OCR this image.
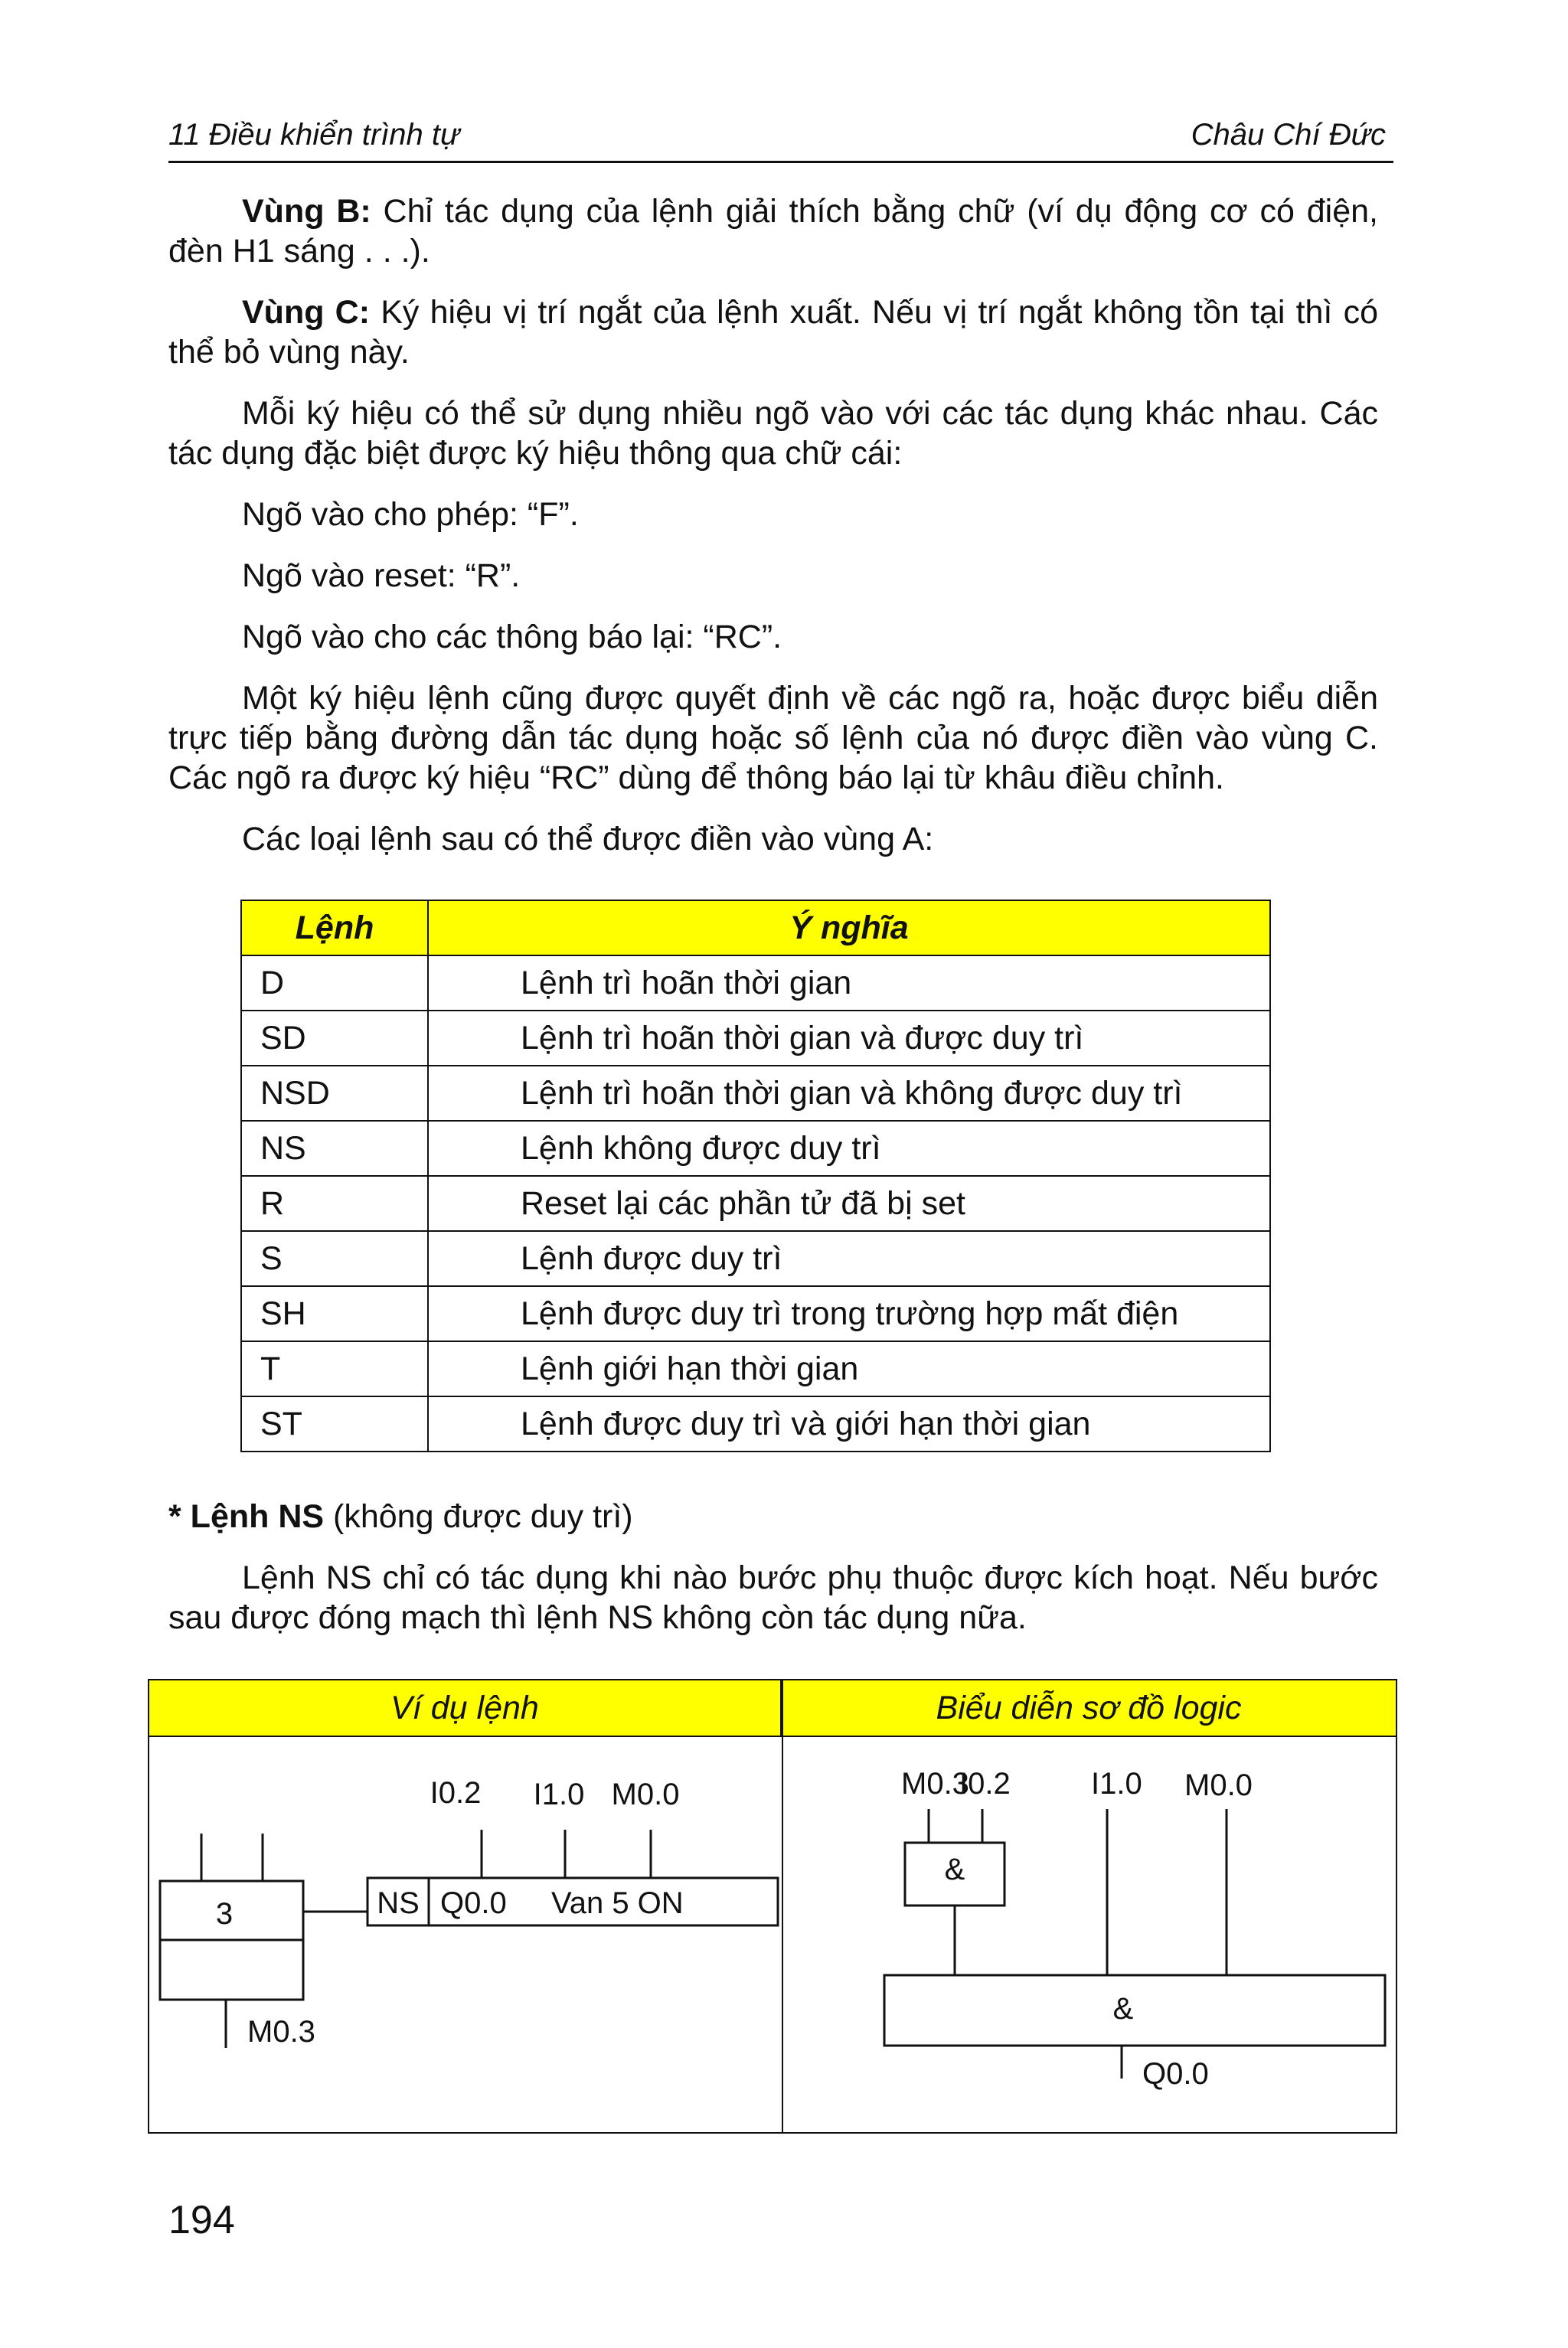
11 Điều khiển trình tự	Châu Chí Đức

Vùng B: Chỉ tác dụng của lệnh giải thích bằng chữ (ví dụ động cơ có điện, đèn H1 sáng . . .).

Vùng C: Ký hiệu vị trí ngắt của lệnh xuất. Nếu vị trí ngắt không tồn tại thì có thể bỏ vùng này.

Mỗi ký hiệu có thể sử dụng nhiều ngõ vào với các tác dụng khác nhau. Các tác dụng đặc biệt được ký hiệu thông qua chữ cái:

Ngõ vào cho phép: “F”.

Ngõ vào reset: “R”.

Ngõ vào cho các thông báo lại: “RC”.

Một ký hiệu lệnh cũng được quyết định về các ngõ ra, hoặc được biểu diễn trực tiếp bằng đường dẫn tác dụng hoặc số lệnh của nó được điền vào vùng C. Các ngõ ra được ký hiệu “RC” dùng để thông báo lại từ khâu điều chỉnh.

Các loại lệnh sau có thể được điền vào vùng A:

Lệnh	Ý nghĩa
D	Lệnh trì hoãn thời gian
SD	Lệnh trì hoãn thời gian và được duy trì
NSD	Lệnh trì hoãn thời gian và không được duy trì
NS	Lệnh không được duy trì
R	Reset lại các phần tử đã bị set
S	Lệnh được duy trì
SH	Lệnh được duy trì trong trường hợp mất điện
T	Lệnh giới hạn thời gian
ST	Lệnh được duy trì và giới hạn thời gian

* Lệnh NS (không được duy trì)

Lệnh NS chỉ có tác dụng khi nào bước phụ thuộc được kích hoạt. Nếu bước sau được đóng mạch thì lệnh NS không còn tác dụng nữa.

Ví dụ lệnh	Biểu diễn sơ đồ logic
3
M0.3
I0.2 I1.0 M0.0
NS Q0.0 Van 5 ON
M0.3
I0.2	I1.0 M0.0
&
&
Q0.0
194
